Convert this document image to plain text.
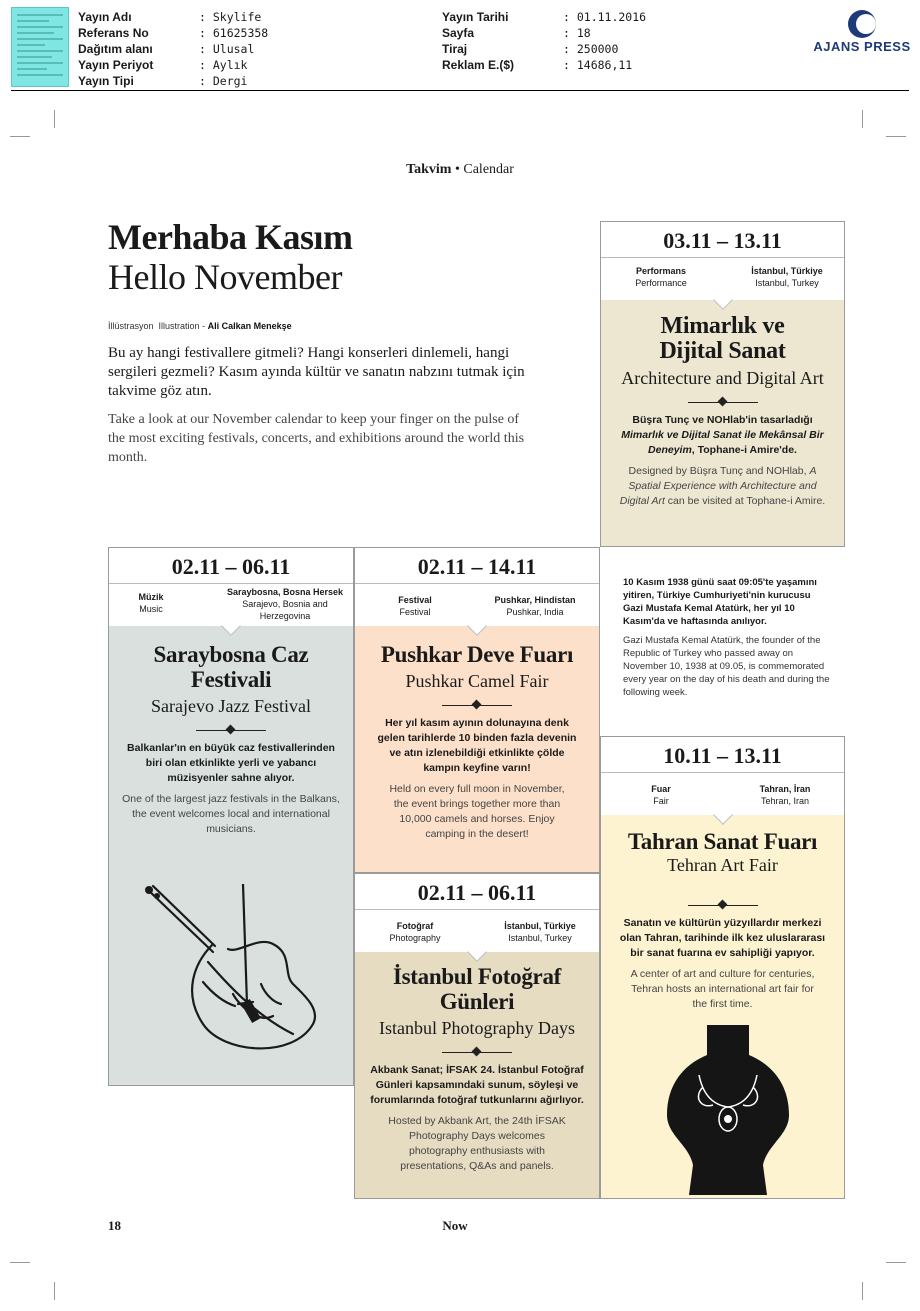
Yayın Adı	: Skylife
Referans No	: 61625358
Dağıtım alanı	: Ulusal
Yayın Periyot	: Aylık
Yayın Tipi	: Dergi
Yayın Tarihi	: 01.11.2016
Sayfa	: 18
Tiraj	: 250000
Reklam E.($)	: 14686,11
AJANS PRESS
Takvim • Calendar
Merhaba Kasım
Hello November
İllüstrasyon Illustration - Ali Calkan Menekşe

Bu ay hangi festivallere gitmeli? Hangi konserleri dinlemeli, hangi sergileri gezmeli? Kasım ayında kültür ve sanatın nabzını tutmak için takvime göz atın.

Take a look at our November calendar to keep your finger on the pulse of the most exciting festivals, concerts, and exhibitions around the world this month.

03.11 – 13.11
Performans
Performance
İstanbul, Türkiye
Istanbul, Turkey
Mimarlık ve Dijital Sanat
Architecture and Digital Art
Büşra Tunç ve NOHlab'in tasarladığı Mimarlık ve Dijital Sanat ile Mekânsal Bir Deneyim, Tophane-i Amire'de.
Designed by Büşra Tunç and NOHlab, A Spatial Experience with Architecture and Digital Art can be visited at Tophane-i Amire.
02.11 – 06.11
Müzik
Music
Saraybosna, Bosna Hersek
Sarajevo, Bosnia and Herzegovina
Saraybosna Caz Festivali
Sarajevo Jazz Festival
Balkanlar'ın en büyük caz festivallerinden biri olan etkinlikte yerli ve yabancı müzisyenler sahne alıyor.
One of the largest jazz festivals in the Balkans, the event welcomes local and international musicians.
02.11 – 14.11
Festival
Festival
Pushkar, Hindistan
Pushkar, India
Pushkar Deve Fuarı
Pushkar Camel Fair
Her yıl kasım ayının dolunayına denk gelen tarihlerde 10 binden fazla devenin ve atın izlenebildiği etkinlikte çölde kampın keyfine varın!
Held on every full moon in November, the event brings together more than 10,000 camels and horses. Enjoy camping in the desert!

10 Kasım 1938 günü saat 09:05'te yaşamını yitiren, Türkiye Cumhuriyeti'nin kurucusu Gazi Mustafa Kemal Atatürk, her yıl 10 Kasım'da ve haftasında anılıyor.

Gazi Mustafa Kemal Atatürk, the founder of the Republic of Turkey who passed away on November 10, 1938 at 09.05, is commemorated every year on the day of his death and during the following week.

02.11 – 06.11
Fotoğraf
Photography
İstanbul, Türkiye
Istanbul, Turkey
İstanbul Fotoğraf Günleri
Istanbul Photography Days
Akbank Sanat; İFSAK 24. İstanbul Fotoğraf Günleri kapsamındaki sunum, söyleşi ve forumlarında fotoğraf tutkunlarını ağırlıyor.
Hosted by Akbank Art, the 24th İFSAK Photography Days welcomes photography enthusiasts with presentations, Q&As and panels.
10.11 – 13.11
Fuar
Fair
Tahran, İran
Tehran, Iran
Tahran Sanat Fuarı
Tehran Art Fair
Sanatın ve kültürün yüzyıllardır merkezi olan Tahran, tarihinde ilk kez uluslararası bir sanat fuarına ev sahipliği yapıyor.
A center of art and culture for centuries, Tehran hosts an international art fair for the first time.
18	Now
